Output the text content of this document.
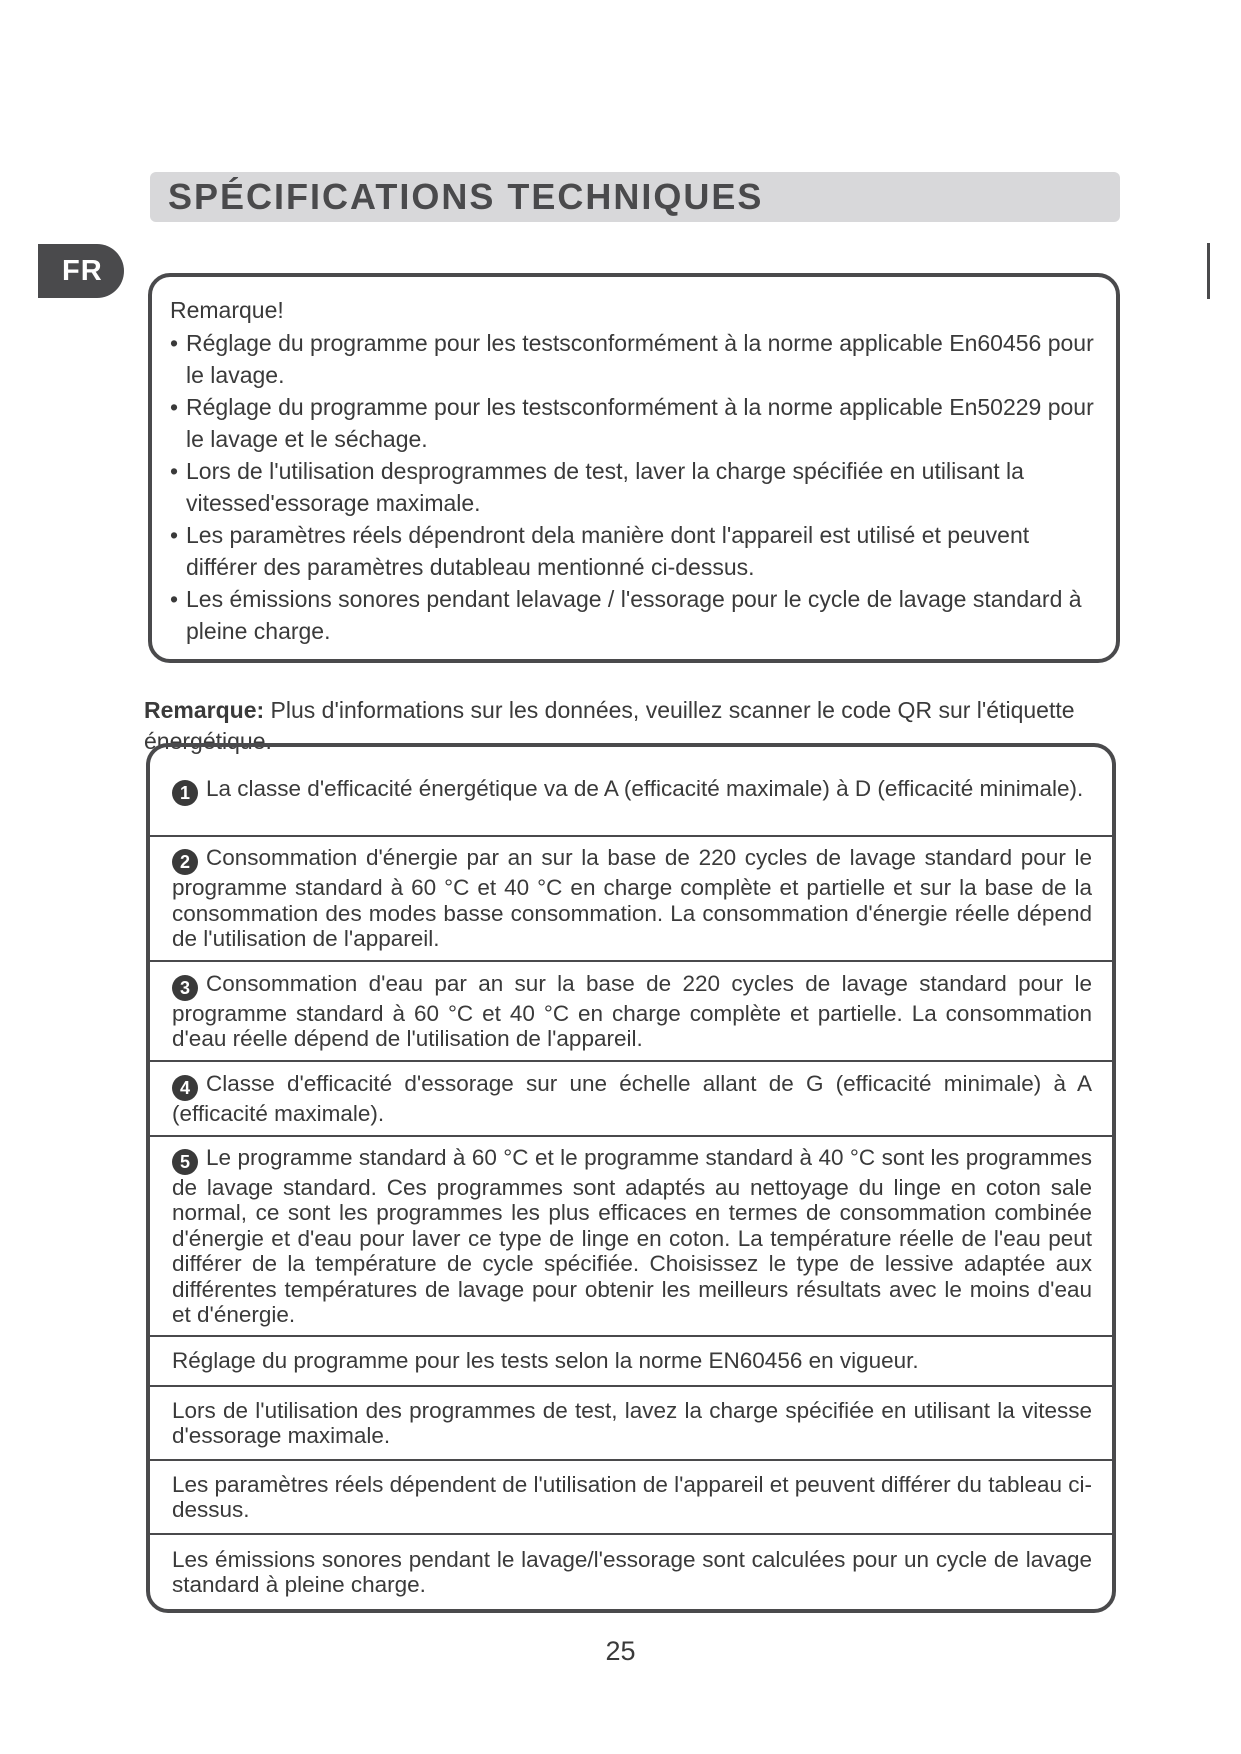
SPÉCIFICATIONS TECHNIQUES
FR

Remarque!

• Réglage du programme pour les testsconformément à la norme applicable En60456 pour le lavage.
• Réglage du programme pour les testsconformément à la norme applicable En50229 pour le lavage et le séchage.
• Lors de l'utilisation desprogrammes de test, laver la charge spécifiée en utilisant la vitessed'essorage maximale.
• Les paramètres réels dépendront dela manière dont l'appareil est utilisé et peuvent différer des paramètres dutableau mentionné ci-dessus.
• Les émissions sonores pendant lelavage / l'essorage pour le cycle de lavage standard à pleine charge.

Remarque: Plus d'informations sur les données, veuillez scanner le code QR sur l'étiquette énergétique.

1 La classe d'efficacité énergétique va de A (efficacité maximale) à D (efficacité minimale).

2 Consommation d'énergie par an sur la base de 220 cycles de lavage standard pour le programme standard à 60 °C et 40 °C en charge complète et partielle et sur la base de la consommation des modes basse consommation. La consommation d'énergie réelle dépend de l'utilisation de l'appareil.

3 Consommation d'eau par an sur la base de 220 cycles de lavage standard pour le programme standard à 60 °C et 40 °C en charge complète et partielle. La consommation d'eau réelle dépend de l'utilisation de l'appareil.

4 Classe d'efficacité d'essorage sur une échelle allant de G (efficacité minimale) à A (efficacité maximale).

5 Le programme standard à 60 °C et le programme standard à 40 °C sont les programmes de lavage standard. Ces programmes sont adaptés au nettoyage du linge en coton sale normal, ce sont les programmes les plus efficaces en termes de consommation combinée d'énergie et d'eau pour laver ce type de linge en coton. La température réelle de l'eau peut différer de la température de cycle spécifiée. Choisissez le type de lessive adaptée aux différentes températures de lavage pour obtenir les meilleurs résultats avec le moins d'eau et d'énergie.

Réglage du programme pour les tests selon la norme EN60456 en vigueur.

Lors de l'utilisation des programmes de test, lavez la charge spécifiée en utilisant la vitesse d'essorage maximale.

Les paramètres réels dépendent de l'utilisation de l'appareil et peuvent différer du tableau ci-dessus.

Les émissions sonores pendant le lavage/l'essorage sont calculées pour un cycle de lavage standard à pleine charge.

25
